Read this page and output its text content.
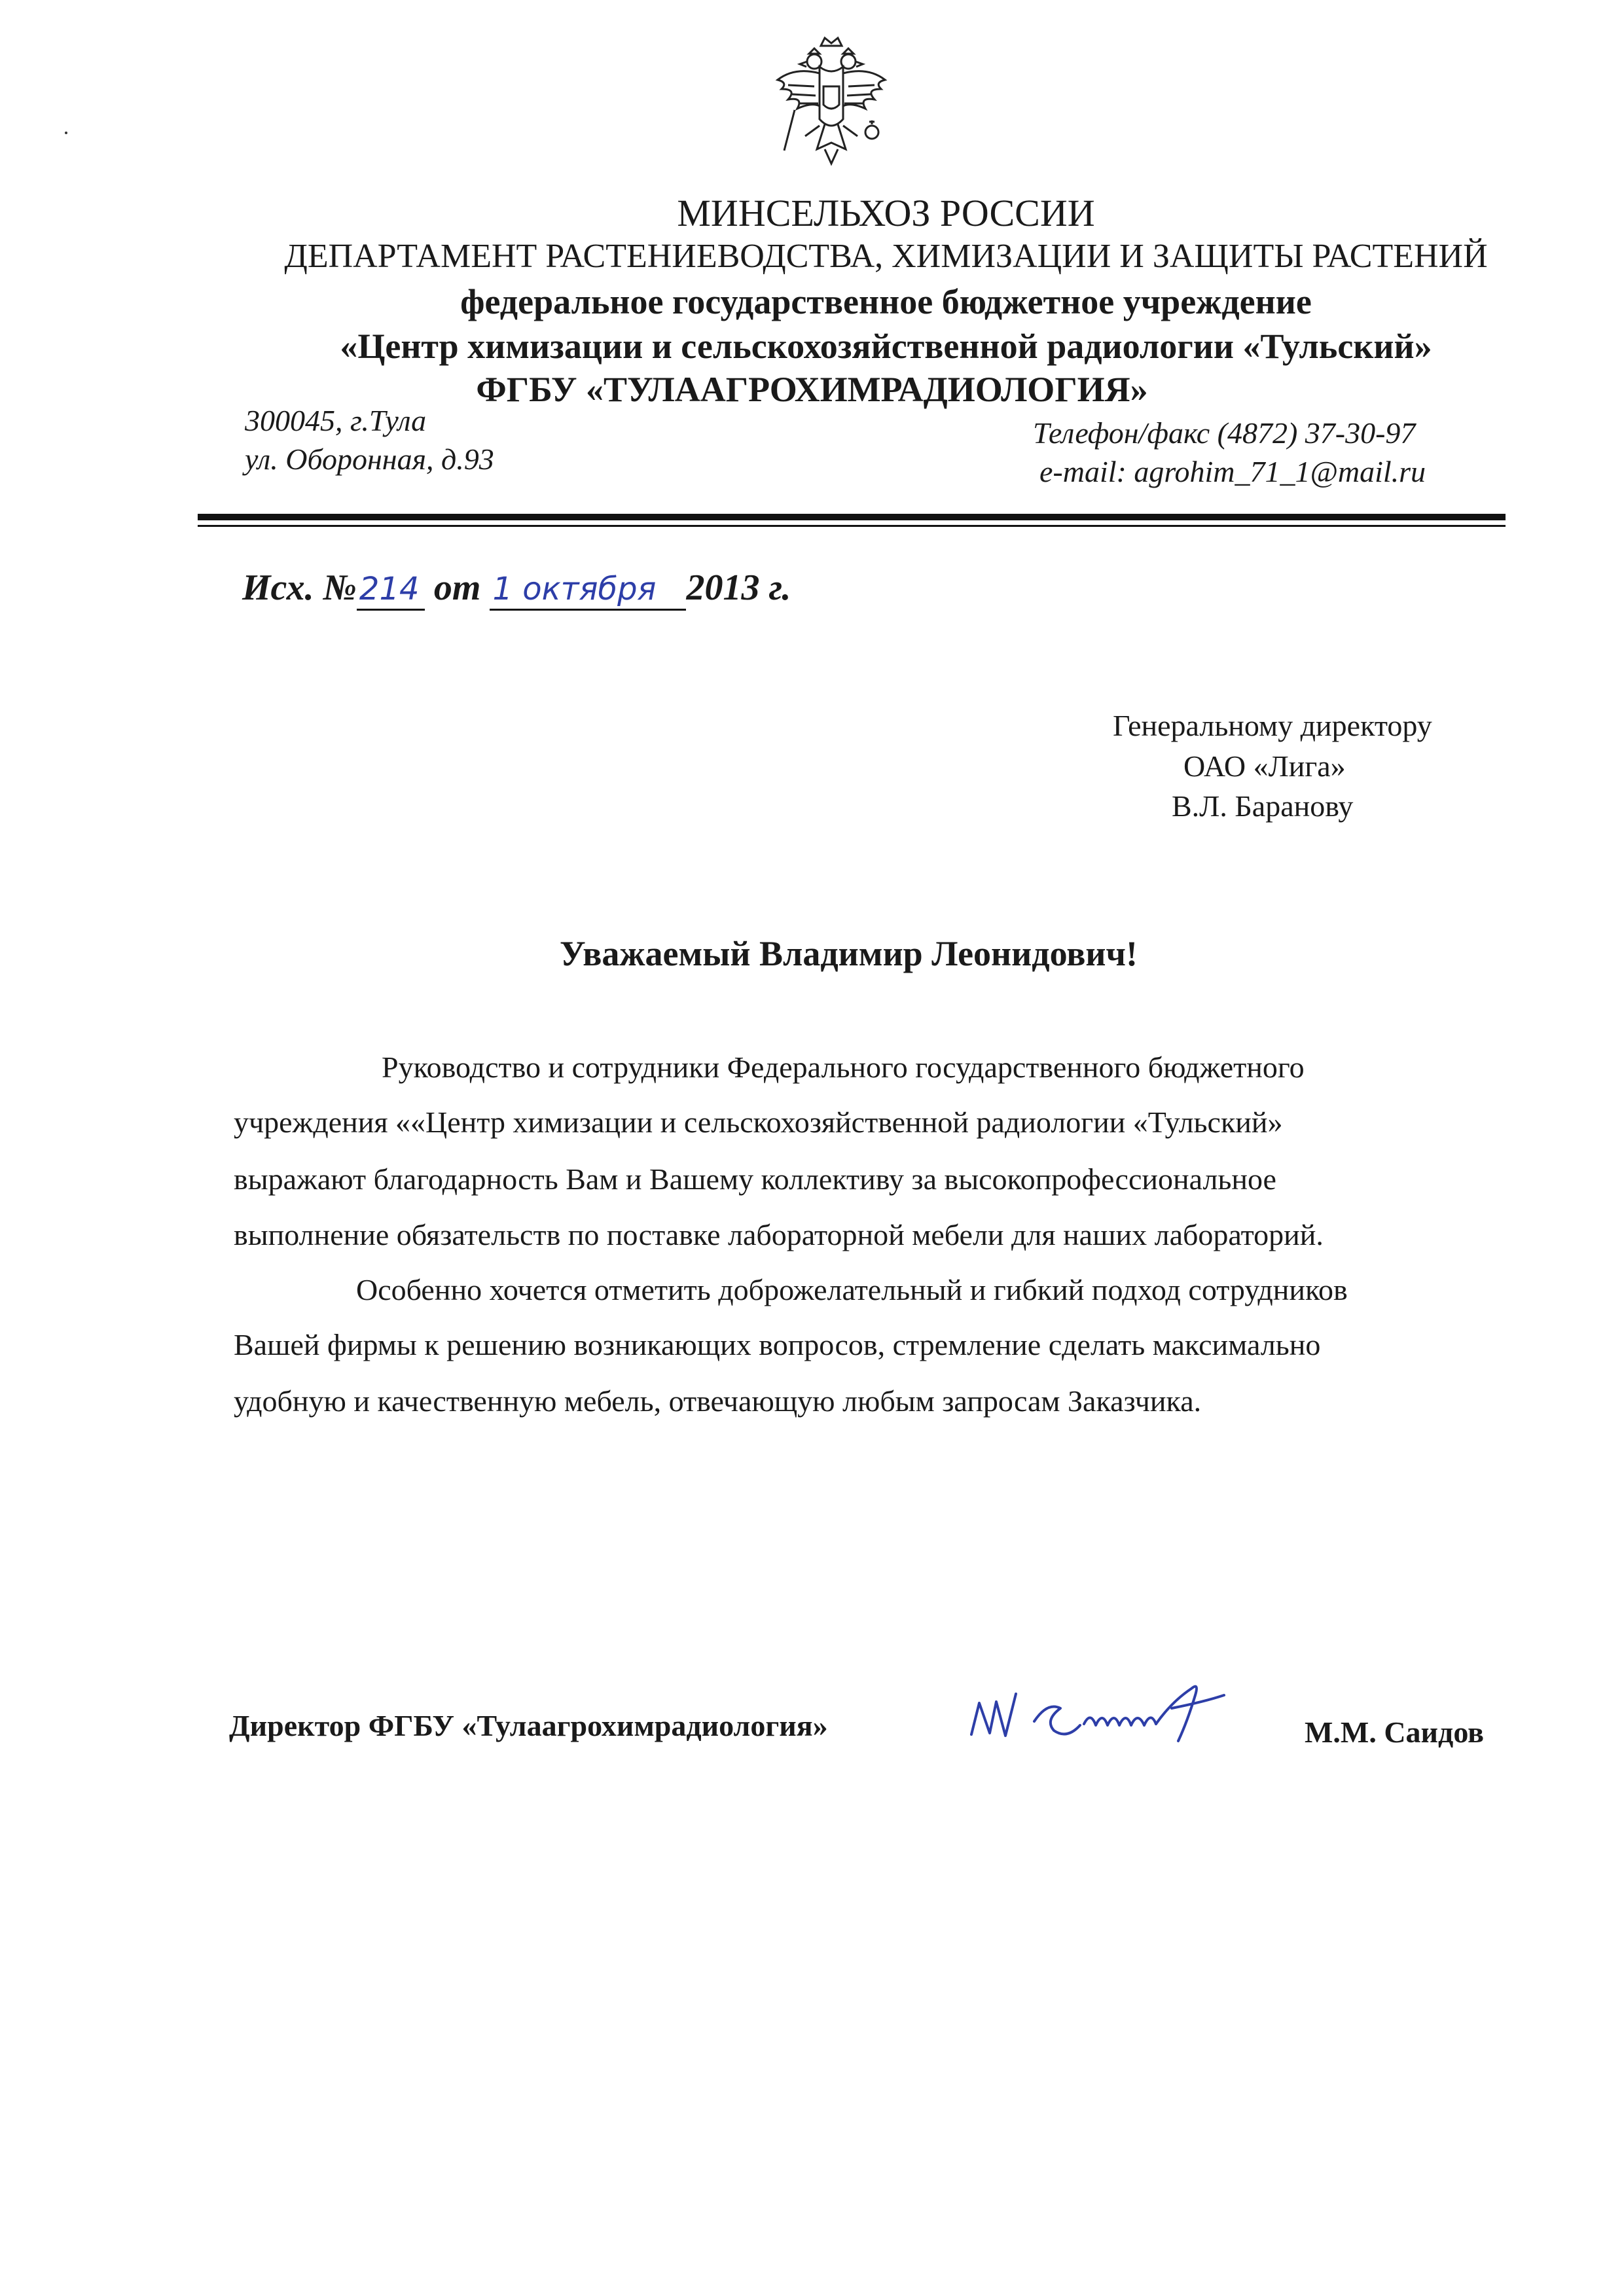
МИНСЕЛЬХОЗ РОССИИ
ДЕПАРТАМЕНТ РАСТЕНИЕВОДСТВА, ХИМИЗАЦИИ И ЗАЩИТЫ РАСТЕНИЙ
федеральное государственное бюджетное учреждение
«Центр химизации и сельскохозяйственной радиологии «Тульский»
ФГБУ «ТУЛААГРОХИМРАДИОЛОГИЯ»
300045, г.Тула
ул. Оборонная, д.93
Телефон/факс (4872) 37-30-97
e-mail: agrohim_71_1@mail.ru
Исх. № 214 от 1 октября 2013 г.
Генеральному директору
ОАО «Лига»
В.Л. Баранову
Уважаемый Владимир Леонидович!
Руководство и сотрудники Федерального государственного бюджетного
учреждения ««Центр химизации и сельскохозяйственной радиологии «Тульский»
выражают благодарность Вам и Вашему коллективу за высокопрофессиональное
выполнение обязательств по поставке лабораторной мебели для наших лабораторий.
Особенно хочется отметить доброжелательный и гибкий подход сотрудников
Вашей фирмы к решению возникающих вопросов, стремление сделать максимально
удобную и качественную мебель, отвечающую любым запросам Заказчика.
Директор ФГБУ «Тулаагрохимрадиология»	М.М. Саидов
